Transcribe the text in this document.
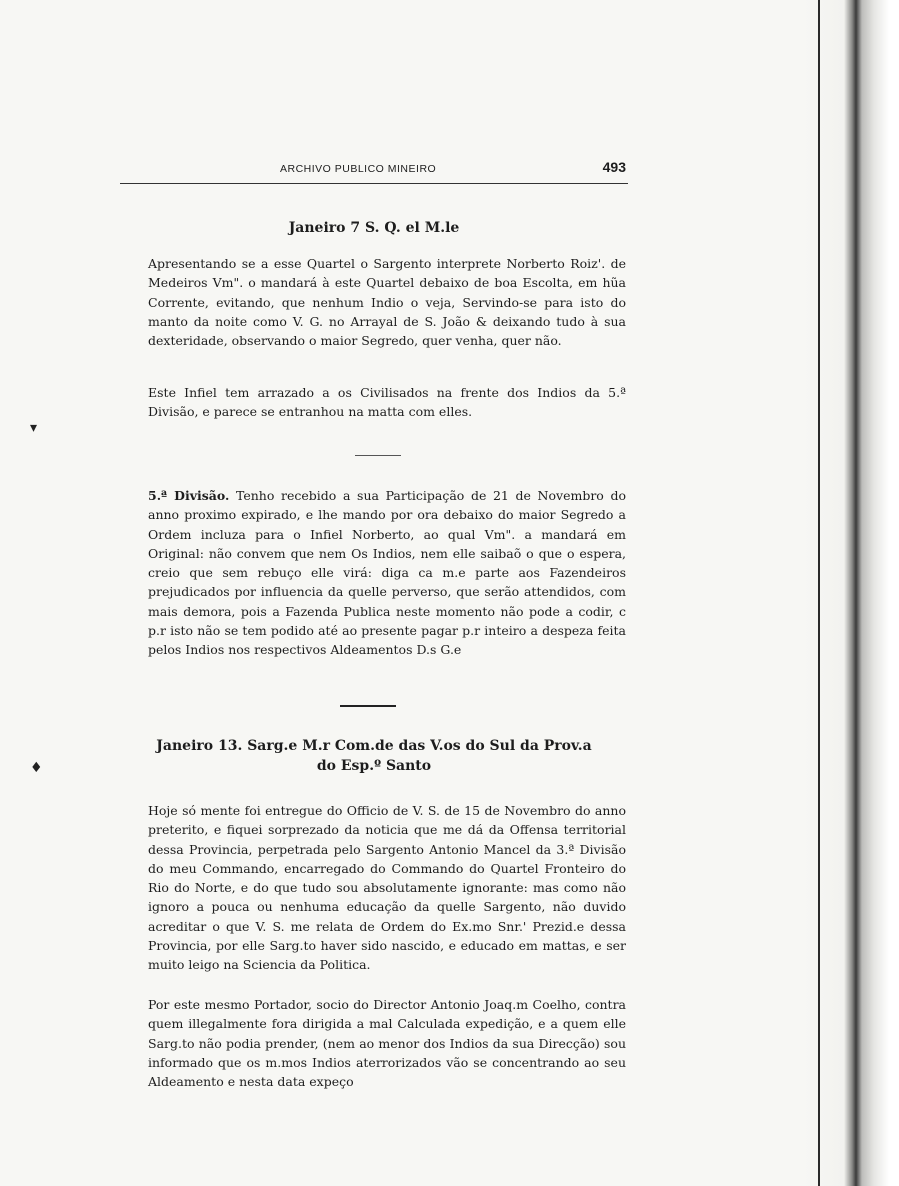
ARCHIVO PUBLICO MINEIRO	493
Janeiro 7 S. Q. el M.le

Apresentando se a esse Quartel o Sargento interprete Norberto Roiz'. de Medeiros Vm". o mandará à este Quartel debaixo de boa Escolta, em hũa Corrente, evitando, que nenhum Indio o veja, Servindo-se para isto do manto da noite como V. G. no Arrayal de S. João & deixando tudo à sua dexteridade, observando o maior Segredo, quer venha, quer não.

Este Infiel tem arrazado a os Civilisados na frente dos Indios da 5.ª Divisão, e parece se entranhou na matta com elles.

5.ª Divisão. Tenho recebido a sua Participação de 21 de Novembro do anno proximo expirado, e lhe mando por ora debaixo do maior Segredo a Ordem incluza para o Infiel Norberto, ao qual Vm". a mandará em Original: não convem que nem Os Indios, nem elle saibaõ o que o espera, creio que sem rebuço elle virá: diga ca m.e parte aos Fazendeiros prejudicados por influencia da quelle perverso, que serão attendidos, com mais demora, pois a Fazenda Publica neste momento não pode a codir, c p.r isto não se tem podido até ao presente pagar p.r inteiro a despeza feita pelos Indios nos respectivos Aldeamentos D.s G.e

Janeiro 13. Sarg.e M.r Com.de das V.os do Sul da Prov.a
do Esp.º Santo

Hoje só mente foi entregue do Officio de V. S. de 15 de Novembro do anno preterito, e fiquei sorprezado da noticia que me dá da Offensa territorial dessa Provincia, perpetrada pelo Sargento Antonio Mancel da 3.ª Divisão do meu Commando, encarregado do Commando do Quartel Fronteiro do Rio do Norte, e do que tudo sou absolutamente ignorante: mas como não ignoro a pouca ou nenhuma educação da quelle Sargento, não duvido acreditar o que V. S. me relata de Ordem do Ex.mo Snr.' Prezid.e dessa Provincia, por elle Sarg.to haver sido nascido, e educado em mattas, e ser muito leigo na Sciencia da Politica.

Por este mesmo Portador, socio do Director Antonio Joaq.m Coelho, contra quem illegalmente fora dirigida a mal Calculada expedição, e a quem elle Sarg.to não podia prender, (nem ao menor dos Indios da sua Direcção) sou informado que os m.mos Indios aterrorizados vão se concentrando ao seu Aldeamento e nesta data expeço

▾
♦
